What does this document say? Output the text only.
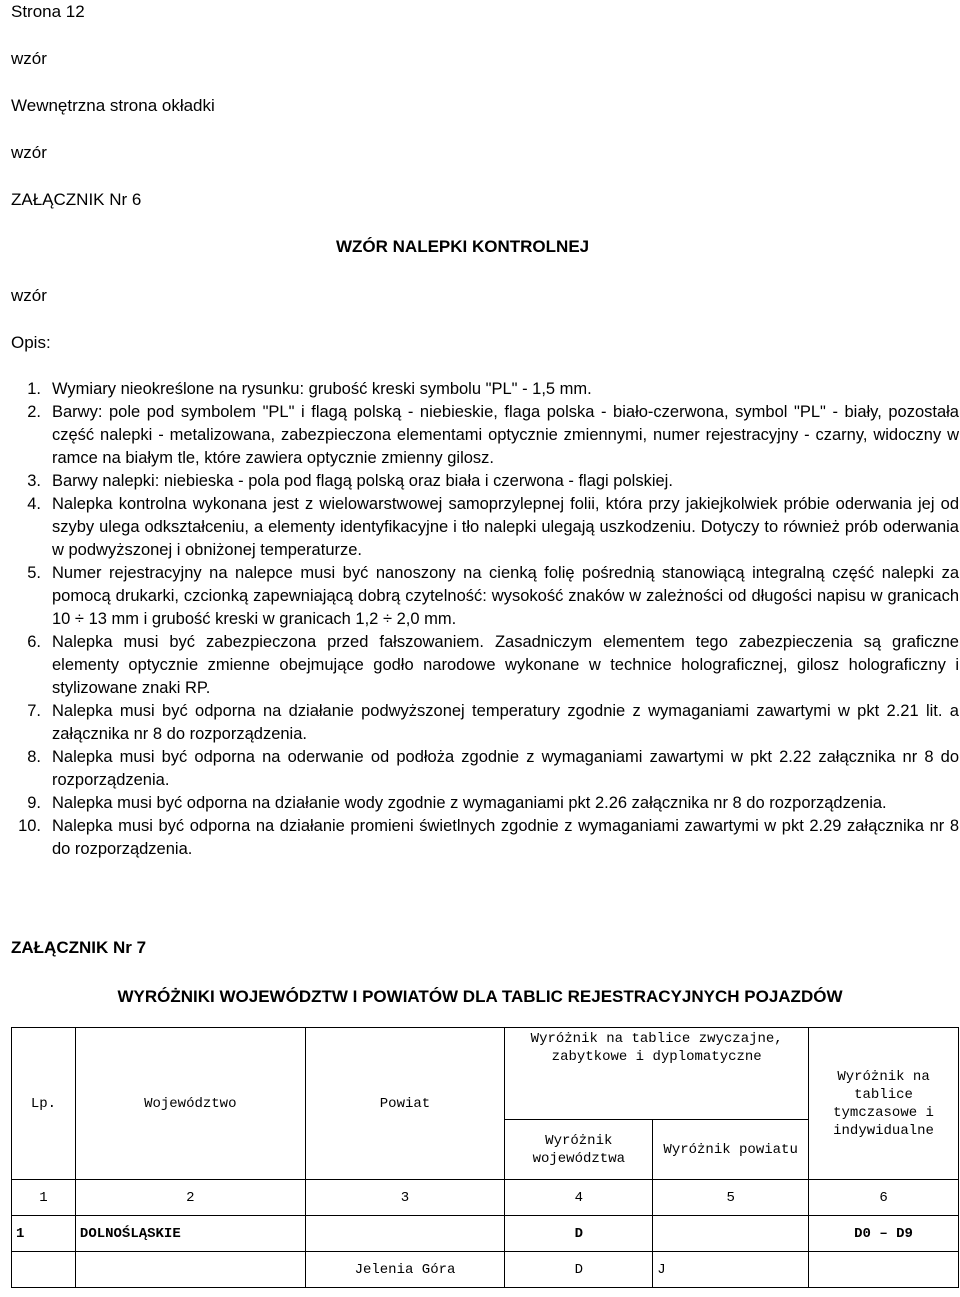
Strona 12

wzór

Wewnętrzna strona okładki

wzór

ZAŁĄCZNIK Nr 6

WZÓR NALEPKI KONTROLNEJ

wzór

Opis:

1. Wymiary nieokreślone na rysunku: grubość kreski symbolu "PL" - 1,5 mm.
2. Barwy: pole pod symbolem "PL" i flagą polską - niebieskie, flaga polska - biało-czerwona, symbol "PL" - biały, pozostała część nalepki - metalizowana, zabezpieczona elementami optycznie zmiennymi, numer rejestracyjny - czarny, widoczny w ramce na białym tle, które zawiera optycznie zmienny gilosz.
3. Barwy nalepki: niebieska - pola pod flagą polską oraz biała i czerwona - flagi polskiej.
4. Nalepka kontrolna wykonana jest z wielowarstwowej samoprzylepnej folii, która przy jakiejkolwiek próbie oderwania jej od szyby ulega odkształceniu, a elementy identyfikacyjne i tło nalepki ulegają uszkodzeniu. Dotyczy to również prób oderwania w podwyższonej i obniżonej temperaturze.
5. Numer rejestracyjny na nalepce musi być nanoszony na cienką folię pośrednią stanowiącą integralną część nalepki za pomocą drukarki, czcionką zapewniającą dobrą czytelność: wysokość znaków w zależności od długości napisu w granicach 10 ÷ 13 mm i grubość kreski w granicach 1,2 ÷ 2,0 mm.
6. Nalepka musi być zabezpieczona przed fałszowaniem. Zasadniczym elementem tego zabezpieczenia są graficzne elementy optycznie zmienne obejmujące godło narodowe wykonane w technice holograficznej, gilosz holograficzny i stylizowane znaki RP.
7. Nalepka musi być odporna na działanie podwyższonej temperatury zgodnie z wymaganiami zawartymi w pkt 2.21 lit. a załącznika nr 8 do rozporządzenia.
8. Nalepka musi być odporna na oderwanie od podłoża zgodnie z wymaganiami zawartymi w pkt 2.22 załącznika nr 8 do rozporządzenia.
9. Nalepka musi być odporna na działanie wody zgodnie z wymaganiami pkt 2.26 załącznika nr 8 do rozporządzenia.
10. Nalepka musi być odporna na działanie promieni świetlnych zgodnie z wymaganiami zawartymi w pkt 2.29 załącznika nr 8 do rozporządzenia.

ZAŁĄCZNIK Nr 7

WYRÓŻNIKI WOJEWÓDZTW I POWIATÓW DLA TABLIC REJESTRACYJNYCH POJAZDÓW

Lp.	Województwo	Powiat	Wyróżnik na tablice zwyczajne, zabytkowe i dyplomatyczne		Wyróżnik na tablice tymczasowe i indywidualne
			Wyróżnik województwa	Wyróżnik powiatu	
1	2	3	4	5	6
1	DOLNOŚLĄSKIE		D		D0 – D9
		Jelenia Góra	D	J	
